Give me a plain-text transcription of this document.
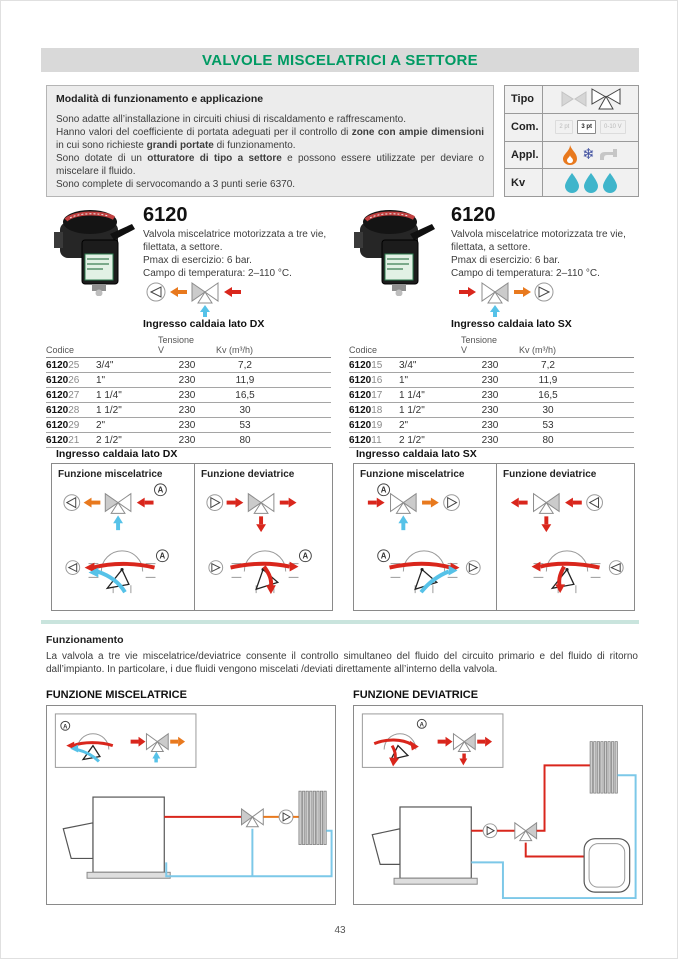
VALVOLE MISCELATRICI A SETTORE
Modalità di funzionamento e applicazione

Sono adatte all’installazione in circuiti chiusi di riscaldamento e raffrescamento.

Hanno valori del coefficiente di portata adeguati per il controllo di zone con ampie dimensioni in cui sono richieste grandi portate di funzionamento.

Sono dotate di un otturatore di tipo a settore e possono essere utilizzate per deviare o miscelare il fluido.

Sono complete di servocomando a 3 punti serie 6370.

Tipo
Com.	2 pt	3 pt	0-10 V
Appl.	❄
Kv
6120
Valvola miscelatrice motorizzata a tre vie,
filettata, a settore.
Pmax di esercizio: 6 bar.
Campo di temperatura: 2–110 °C.
Ingresso caldaia lato DX
Codice		Tensione
V	Kv (m³/h)	
612025	3/4"	230	7,2	
612026	1"	230	11,9	
612027	1 1/4"	230	16,5	
612028	1 1/2"	230	30	
612029	2"	230	53	
612021	2 1/2"	230	80	
6120
Valvola miscelatrice motorizzata tre vie,
filettata, a settore.
Pmax di esercizio: 6 bar.
Campo di temperatura: 2–110 °C.
Ingresso caldaia lato SX
Codice		Tensione
V	Kv (m³/h)	
612015	3/4"	230	7,2	
612016	1"	230	11,9	
612017	1 1/4"	230	16,5	
612018	1 1/2"	230	30	
612019	2"	230	53	
612011	2 1/2"	230	80	
Ingresso caldaia lato DX
Funzione miscelatrice
A
A
Funzione deviatrice
A
Ingresso caldaia lato SX
Funzione miscelatrice
A
A
Funzione deviatrice
Funzionamento
La valvola a tre vie miscelatrice/deviatrice consente il controllo simultaneo del fluido del circuito primario e del fluido di ritorno dall’impianto. In particolare, i due fluidi vengono miscelati /deviati direttamente all’interno della valvola.
FUNZIONE MISCELATRICE	FUNZIONE DEVIATRICE
A	A
43
